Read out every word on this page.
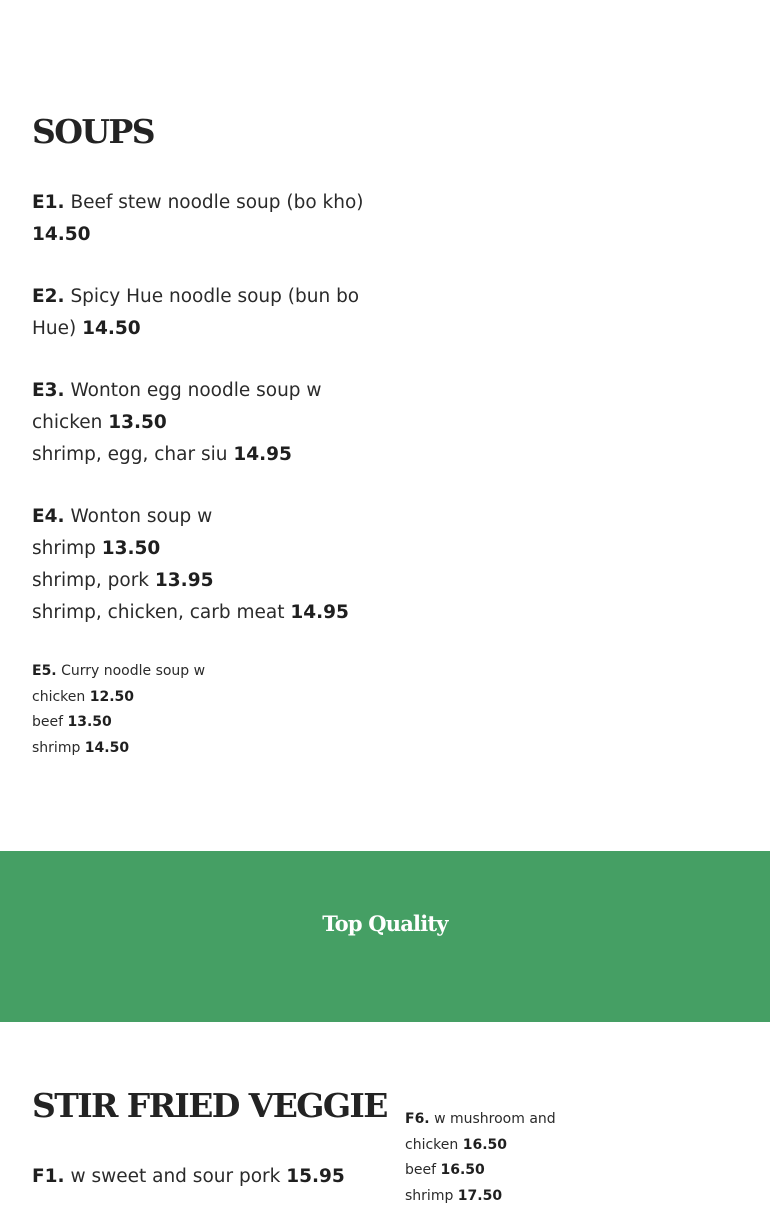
SOUPS

E1. Beef stew noodle soup (bo kho)
14.50

E2. Spicy Hue noodle soup (bun bo
Hue) 14.50

E3. Wonton egg noodle soup w
chicken 13.50
shrimp, egg, char siu 14.95

E4. Wonton soup w
shrimp 13.50
shrimp, pork 13.95
shrimp, chicken, carb meat 14.95

E5. Curry noodle soup w
chicken 12.50
beef 13.50
shrimp 14.50

Top Quality
STIR FRIED VEGGIE

F1. w sweet and sour pork 15.95

F6. w mushroom and
chicken 16.50
beef 16.50
shrimp 17.50
